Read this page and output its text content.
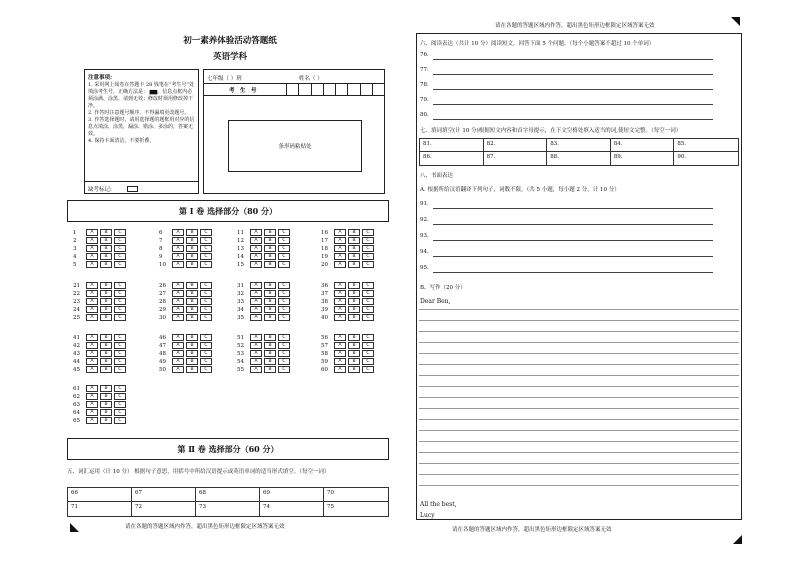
请在各题的答题区域内作答，超出黑色矩形边框限定区域答案无效
初一素养体验活动答题纸
英语学科
注意事项:
1. 采用网上阅卷在答题卡 28 钱笔在“考生号”处填涂考生号，正确方法是： ▆▆，信息点框内必须涂满、涂黑、请到无效；修改时须用修改掉干净。
2. 作答时注意题号顺序，不得漏填更改题号。
3. 作答选择题时，请用选择题的题框用对应的信息点填涂，涂黑，漏涂、错涂、多涂的，答案无效。
4. 保持卡面清洁，不要折叠。
缺考标记:
七年级（ ）班	姓名（ ）
考　生　号
条形码粘贴处
第 Ⅰ 卷 选择部分（80 分）
1	A	B	C
2	A	B	C
3	A	B	C
4	A	B	C
5	A	B	C
6	A	B	C
7	A	B	C
8	A	B	C
9	A	B	C
10	A	B	C
11	A	B	C
12	A	B	C
13	A	B	C
14	A	B	C
15	A	B	C
16	A	B	C
17	A	B	C
18	A	B	C
19	A	B	C
20	A	B	C
21	A	B	C
22	A	B	C
23	A	B	C
24	A	B	C
25	A	B	C
26	A	B	C
27	A	B	C
28	A	B	C
29	A	B	C
30	A	B	C
31	A	B	C
32	A	B	C
33	A	B	C
34	A	B	C
35	A	B	C
36	A	B	C
37	A	B	C
38	A	B	C
39	A	B	C
40	A	B	C
41	A	B	C
42	A	B	C
43	A	B	C
44	A	B	C
45	A	B	C
46	A	B	C
47	A	B	C
48	A	B	C
49	A	B	C
50	A	B	C
51	A	B	C
52	A	B	C
53	A	B	C
54	A	B	C
55	A	B	C
56	A	B	C
57	A	B	C
58	A	B	C
59	A	B	C
60	A	B	C
61	A	B	C
62	A	B	C
63	A	B	C
64	A	B	C
65	A	B	C
第 Ⅱ 卷 选择部分（60 分）
五、词汇运用（计 10 分） 根据句子意思，用括号中所给汉语提示或英语单词的适当形式填空。（每空一词）
66	67	68	69	70
71	72	73	74	75
请在各题的答题区域内作答，超出黑色矩形边框限定区域答案无效
六、阅读表达（共计 10 分）阅读短文，回答下面 5 个问题。（每个小题答案不超过 10 个单词）
76.
77.
78.
79.
80.
七、填词填空(计 10 分)根据短文内容和首字母提示，在下文空格处填入适当的词,使短文完整。（每空一词）
81.	82.	83.	84.	85.
86.	87.	88.	89.	90.
八、书面表达
A. 根据所给汉语翻译下列句子，词数不限。（共 5 小题，每小题 2 分，计 10 分）
91.
92.
93.
94.
95.
B、写作（20 分）
Dear Ben,
All the best,
Lucy
请在各题的答题区域内作答，超出黑色矩形边框限定区域答案无效
